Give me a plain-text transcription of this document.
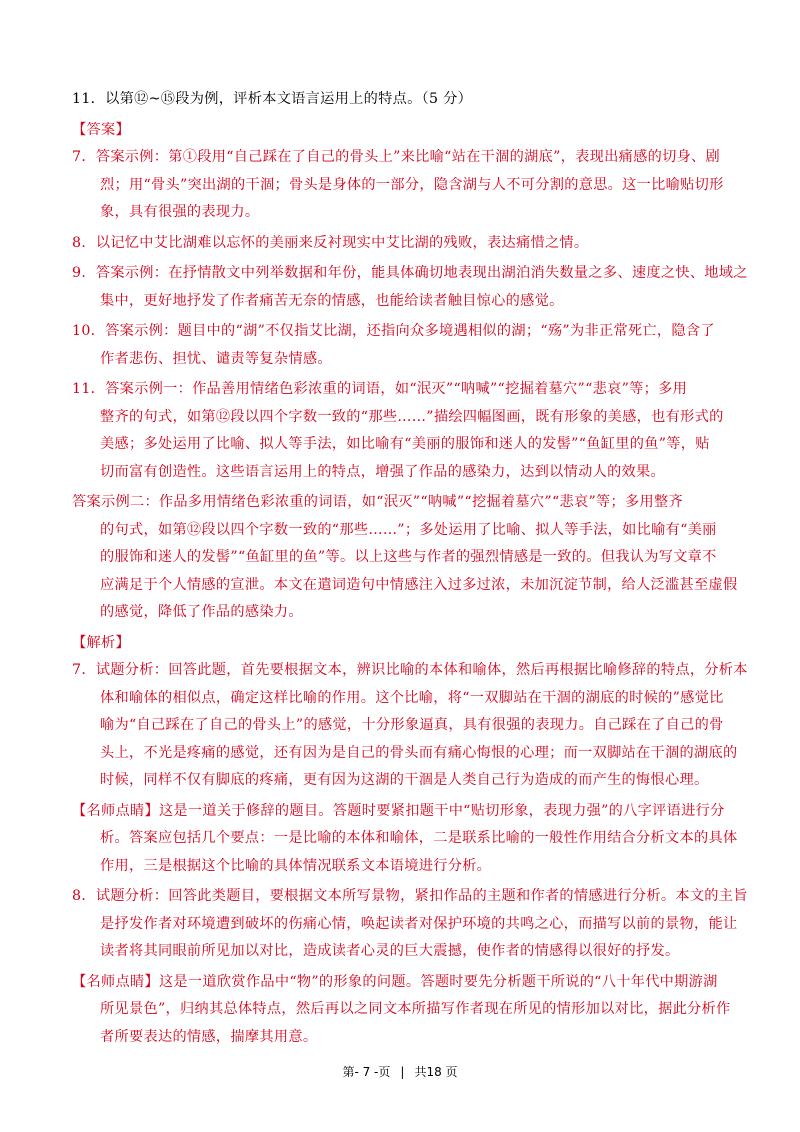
11．以第⑫~⑮段为例，评析本文语言运用上的特点。（5 分）
【答案】
7．答案示例：第①段用“自己踩在了自己的骨头上”来比喻“站在干涸的湖底”，表现出痛感的切身、剧
烈；用“骨头”突出湖的干涸；骨头是身体的一部分，隐含湖与人不可分割的意思。这一比喻贴切形
象，具有很强的表现力。
8．以记忆中艾比湖难以忘怀的美丽来反衬现实中艾比湖的残败，表达痛惜之情。
9．答案示例：在抒情散文中列举数据和年份，能具体确切地表现出湖泊消失数量之多、速度之快、地域之
集中，更好地抒发了作者痛苦无奈的情感，也能给读者触目惊心的感觉。
10．答案示例：题目中的“湖”不仅指艾比湖，还指向众多境遇相似的湖；“殇”为非正常死亡，隐含了
作者悲伤、担忧、谴责等复杂情感。
11．答案示例一：作品善用情绪色彩浓重的词语，如“泯灭”“呐喊”“挖掘着墓穴”“悲哀”等；多用
整齐的句式，如第⑫段以四个字数一致的“那些……”描绘四幅图画，既有形象的美感，也有形式的
美感；多处运用了比喻、拟人等手法，如比喻有“美丽的服饰和迷人的发髻”“鱼缸里的鱼”等，贴
切而富有创造性。这些语言运用上的特点，增强了作品的感染力，达到以情动人的效果。
答案示例二：作品多用情绪色彩浓重的词语，如“泯灭”“呐喊”“挖掘着墓穴”“悲哀”等；多用整齐
的句式，如第⑫段以四个字数一致的“那些……”；多处运用了比喻、拟人等手法，如比喻有“美丽
的服饰和迷人的发髻”“鱼缸里的鱼”等。以上这些与作者的强烈情感是一致的。但我认为写文章不
应满足于个人情感的宣泄。本文在遣词造句中情感注入过多过浓，未加沉淀节制，给人泛滥甚至虚假
的感觉，降低了作品的感染力。
【解析】
7．试题分析：回答此题，首先要根据文本，辨识比喻的本体和喻体，然后再根据比喻修辞的特点，分析本
体和喻体的相似点，确定这样比喻的作用。这个比喻，将“一双脚站在干涸的湖底的时候的”感觉比
喻为“自己踩在了自己的骨头上”的感觉，十分形象逼真，具有很强的表现力。自己踩在了自己的骨
头上，不光是疼痛的感觉，还有因为是自己的骨头而有痛心悔恨的心理；而一双脚站在干涸的湖底的
时候，同样不仅有脚底的疼痛，更有因为这湖的干涸是人类自己行为造成的而产生的悔恨心理。
【名师点睛】这是一道关于修辞的题目。答题时要紧扣题干中“贴切形象，表现力强”的八字评语进行分
析。答案应包括几个要点：一是比喻的本体和喻体，二是联系比喻的一般性作用结合分析文本的具体
作用，三是根据这个比喻的具体情况联系文本语境进行分析。
8．试题分析：回答此类题目，要根据文本所写景物，紧扣作品的主题和作者的情感进行分析。本文的主旨
是抒发作者对环境遭到破坏的伤痛心情，唤起读者对保护环境的共鸣之心，而描写以前的景物，能让
读者将其同眼前所见加以对比，造成读者心灵的巨大震撼，使作者的情感得以很好的抒发。
【名师点睛】这是一道欣赏作品中“物”的形象的问题。答题时要先分析题干所说的“八十年代中期游湖
所见景色”，归纳其总体特点，然后再以之同文本所描写作者现在所见的情形加以对比，据此分析作
者所要表达的情感，揣摩其用意。
第- 7 -页 | 共18 页
